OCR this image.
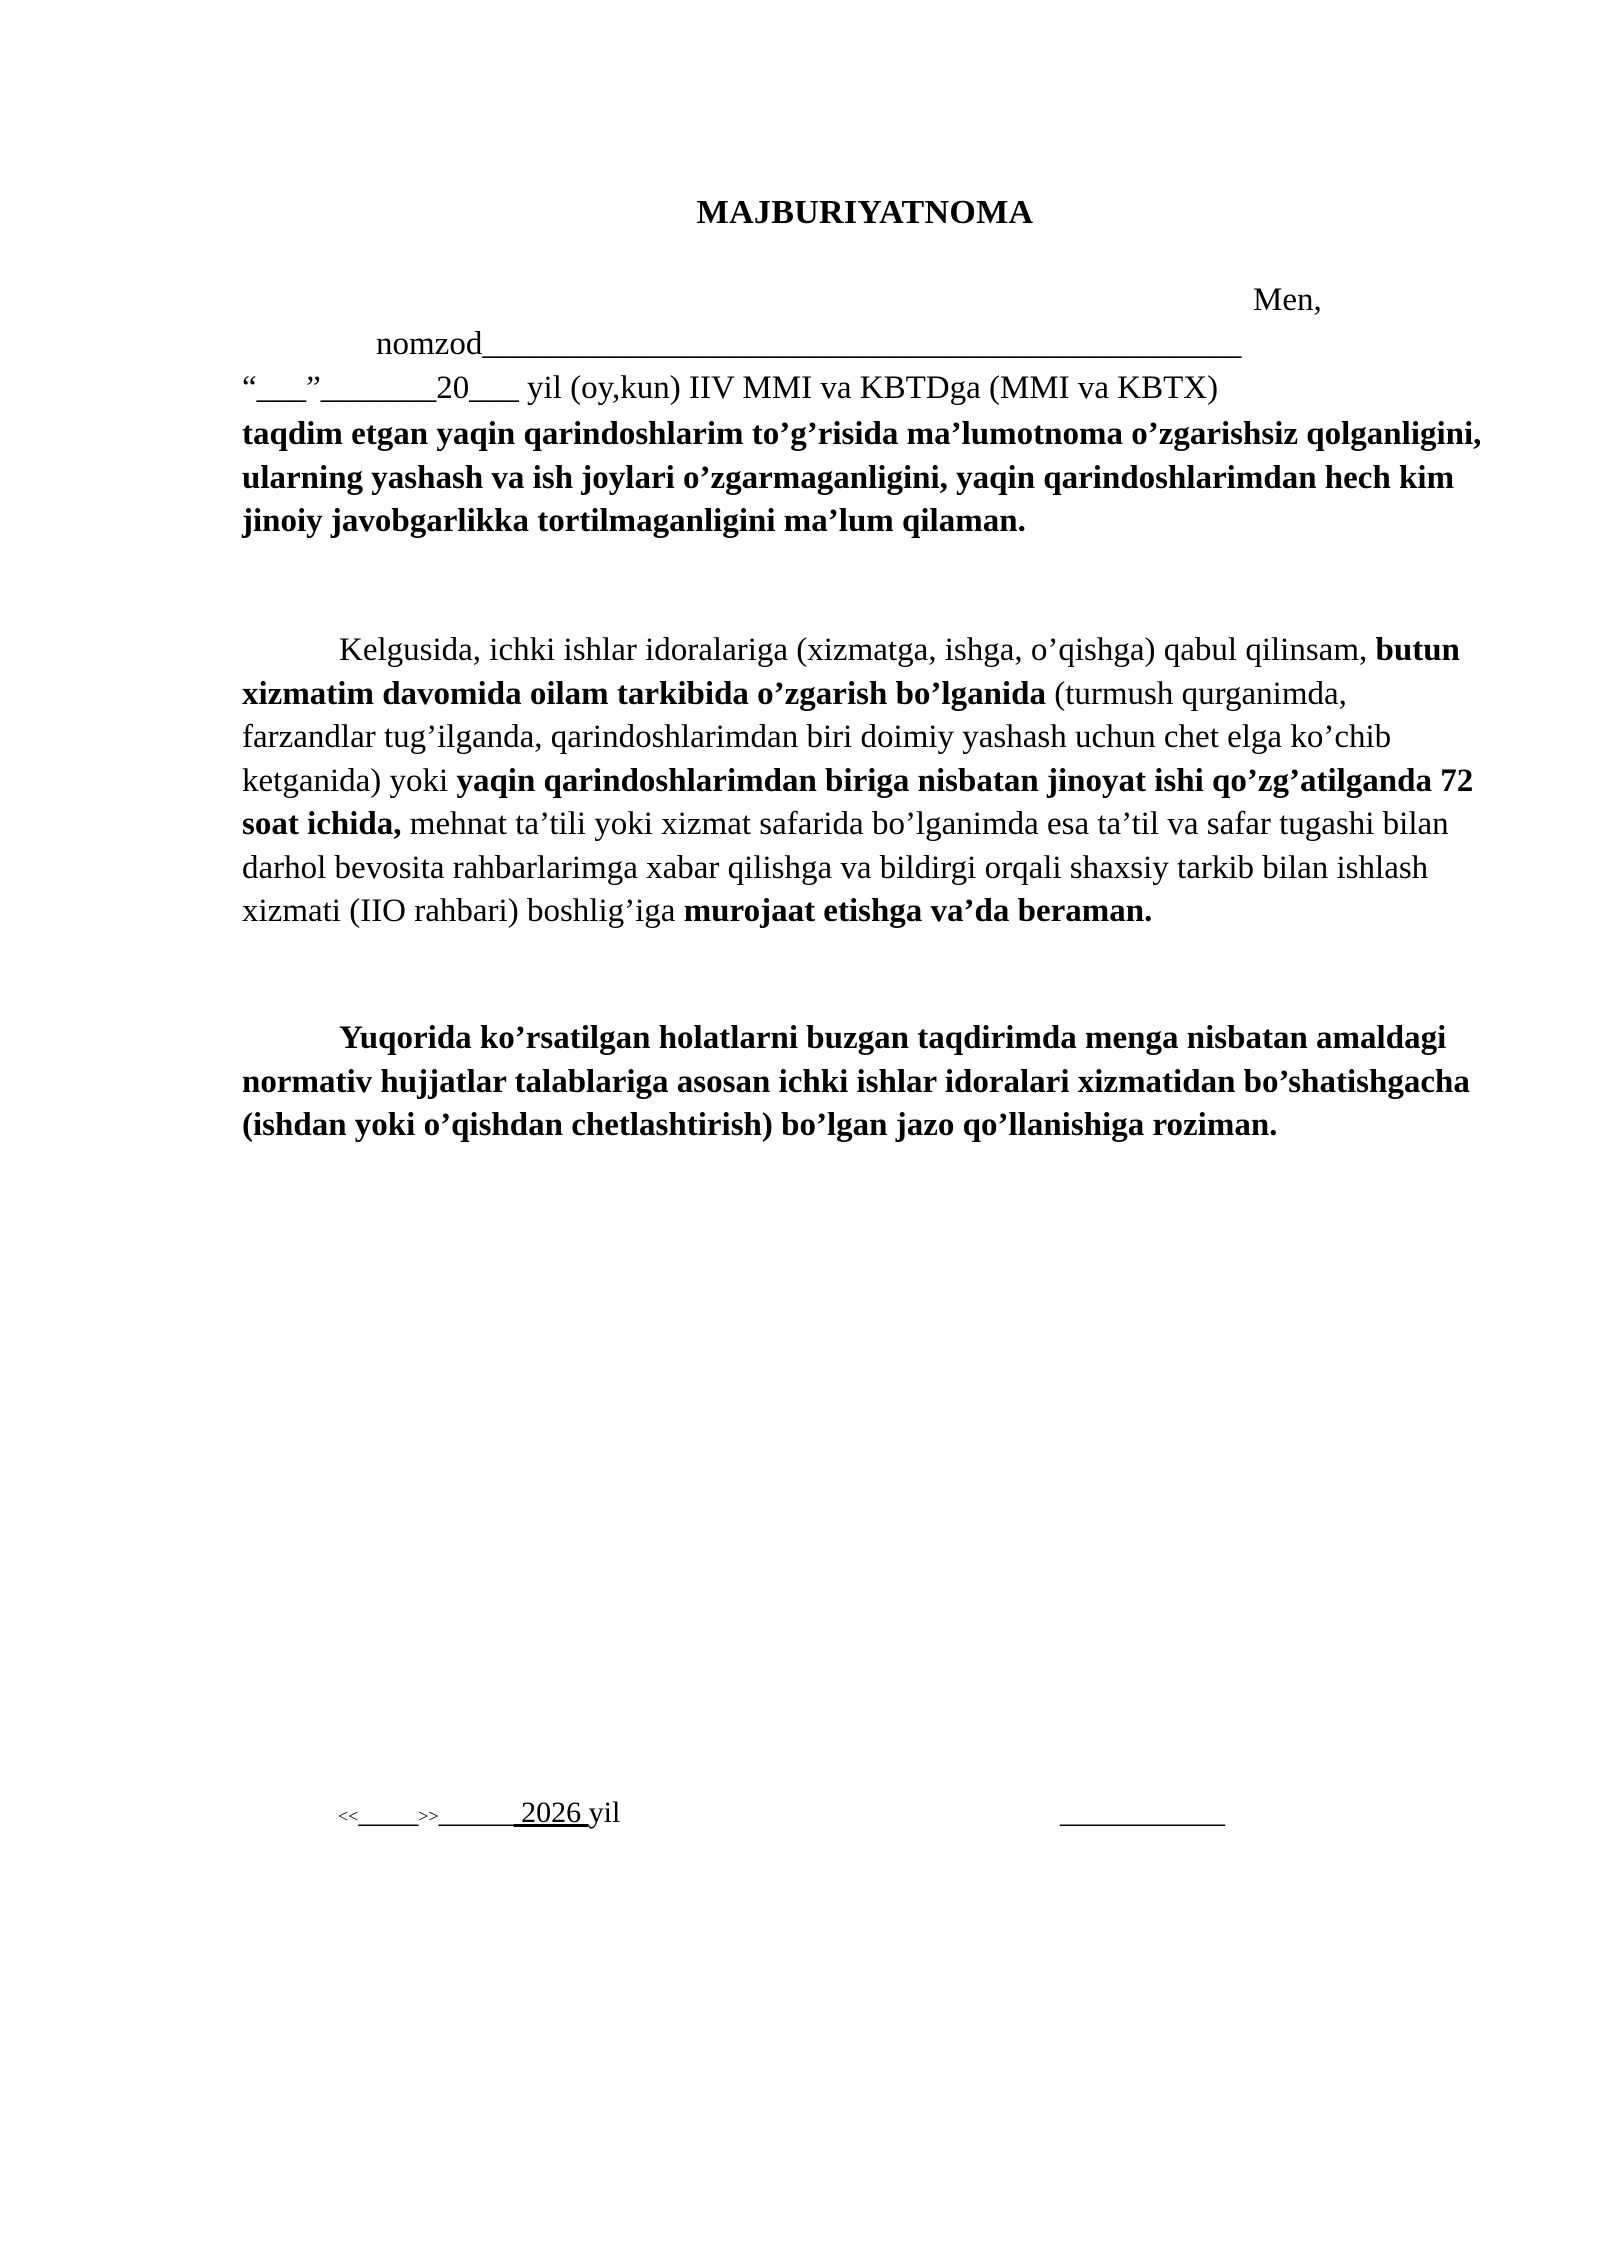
MAJBURIYATNOMA
Men,
nomzod______________________________________________
“___”_______20___ yil (oy,kun) IIV MMI va KBTDga (MMI va KBTX)
taqdim etgan yaqin qarindoshlarim to’g’risida ma’lumotnoma o’zgarishsiz qolganligini, ularning yashash va ish joylari o’zgarmaganligini, yaqin qarindoshlarimdan hech kim jinoiy javobgarlikka tortilmaganligini ma’lum qilaman.
Kelgusida, ichki ishlar idoralariga (xizmatga, ishga, o’qishga) qabul qilinsam, butun xizmatim davomida oilam tarkibida o’zgarish bo’lganida (turmush qurganimda, farzandlar tug’ilganda, qarindoshlarimdan biri doimiy yashash uchun chet elga ko’chib ketganida) yoki yaqin qarindoshlarimdan biriga nisbatan jinoyat ishi qo’zg’atilganda 72 soat ichida, mehnat ta’tili yoki xizmat safarida bo’lganimda esa ta’til va safar tugashi bilan darhol bevosita rahbarlarimga xabar qilishga va bildirgi orqali shaxsiy tarkib bilan ishlash xizmati (IIO rahbari) boshlig’iga murojaat etishga va’da beraman.
Yuqorida ko’rsatilgan holatlarni buzgan taqdirimda menga nisbatan amaldagi normativ hujjatlar talablariga asosan ichki ishlar idoralari xizmatidan bo’shatishgacha (ishdan yoki o’qishdan chetlashtirish) bo’lgan jazo qo’llanishiga roziman.
<<____>>_____ 2026 yil	___________
